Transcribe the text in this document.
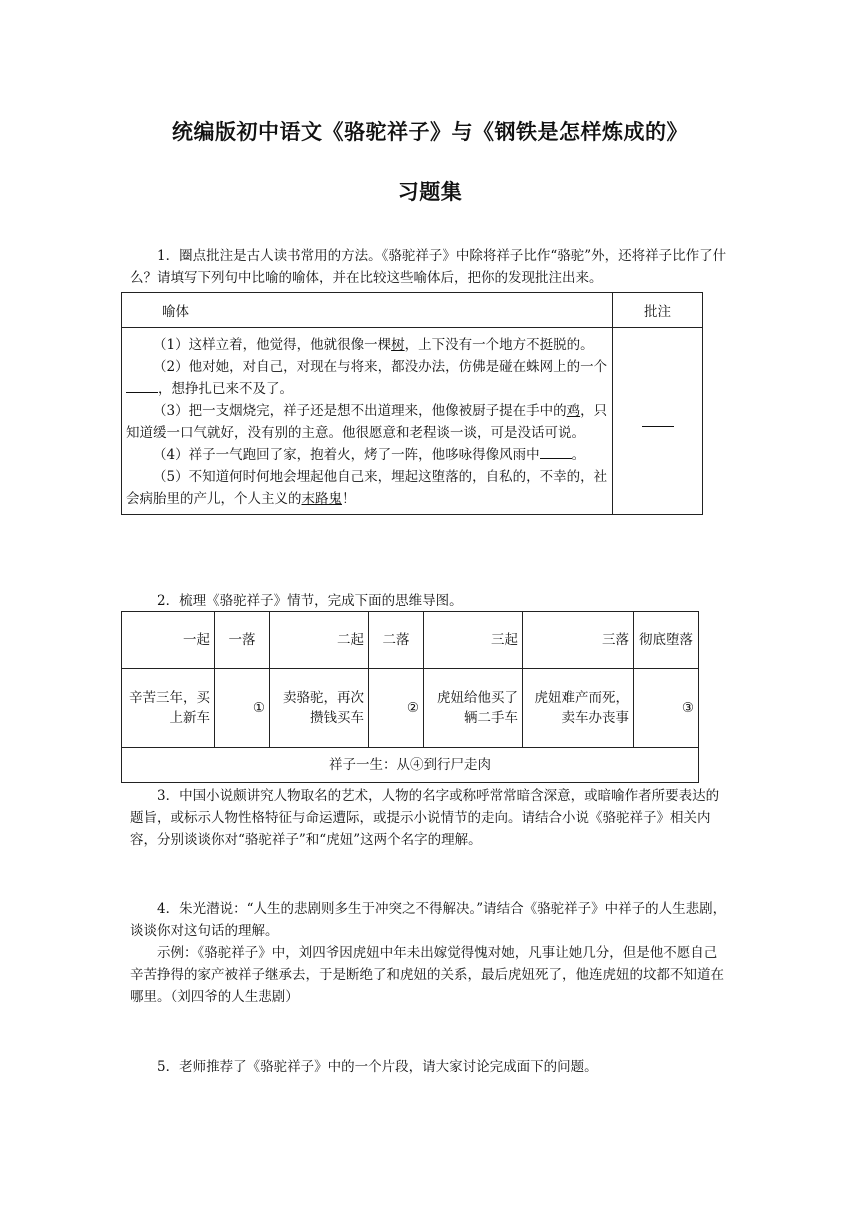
统编版初中语文《骆驼祥子》与《钢铁是怎样炼成的》
习题集

1．圈点批注是古人读书常用的方法。《骆驼祥子》中除将祥子比作“骆驼”外，还将祥子比作了什么？请填写下列句中比喻的喻体，并在比较这些喻体后，把你的发现批注出来。

喻体	批注

（1）这样立着，他觉得，他就很像一棵树，上下没有一个地方不挺脱的。

（2）他对她，对自己，对现在与将来，都没办法，仿佛是碰在蛛网上的一个，想挣扎已来不及了。

（3）把一支烟烧完，祥子还是想不出道理来，他像被厨子提在手中的鸡，只知道缓一口气就好，没有别的主意。他很愿意和老程谈一谈，可是没话可说。

（4）祥子一气跑回了家，抱着火，烤了一阵，他哆咏得像风雨中 。

（5）不知道何时何地会埋起他自己来，埋起这堕落的，自私的，不幸的，社会病胎里的产儿，个人主义的末路鬼！	

2．梳理《骆驼祥子》情节，完成下面的思维导图。

一起	一落	二起	二落	三起	三落	彻底堕落
辛苦三年，买上新车	①	卖骆驼，再次攒钱买车	②	虎妞给他买了辆二手车	虎妞难产而死，卖车办丧事	③
祥子一生：从④到行尸走肉						

3．中国小说颇讲究人物取名的艺术，人物的名字或称呼常常暗含深意，或暗喻作者所要表达的题旨，或标示人物性格特征与命运遭际，或提示小说情节的走向。请结合小说《骆驼祥子》相关内容，分别谈谈你对“骆驼祥子”和“虎妞”这两个名字的理解。

4．朱光潜说：“人生的悲剧则多生于冲突之不得解决。”请结合《骆驼祥子》中祥子的人生悲剧，谈谈你对这句话的理解。

示例：《骆驼祥子》中，刘四爷因虎妞中年未出嫁觉得愧对她，凡事让她几分，但是他不愿自己辛苦挣得的家产被祥子继承去，于是断绝了和虎妞的关系，最后虎妞死了，他连虎妞的坟都不知道在哪里。（刘四爷的人生悲剧）

5．老师推荐了《骆驼祥子》中的一个片段，请大家讨论完成面下的问题。
